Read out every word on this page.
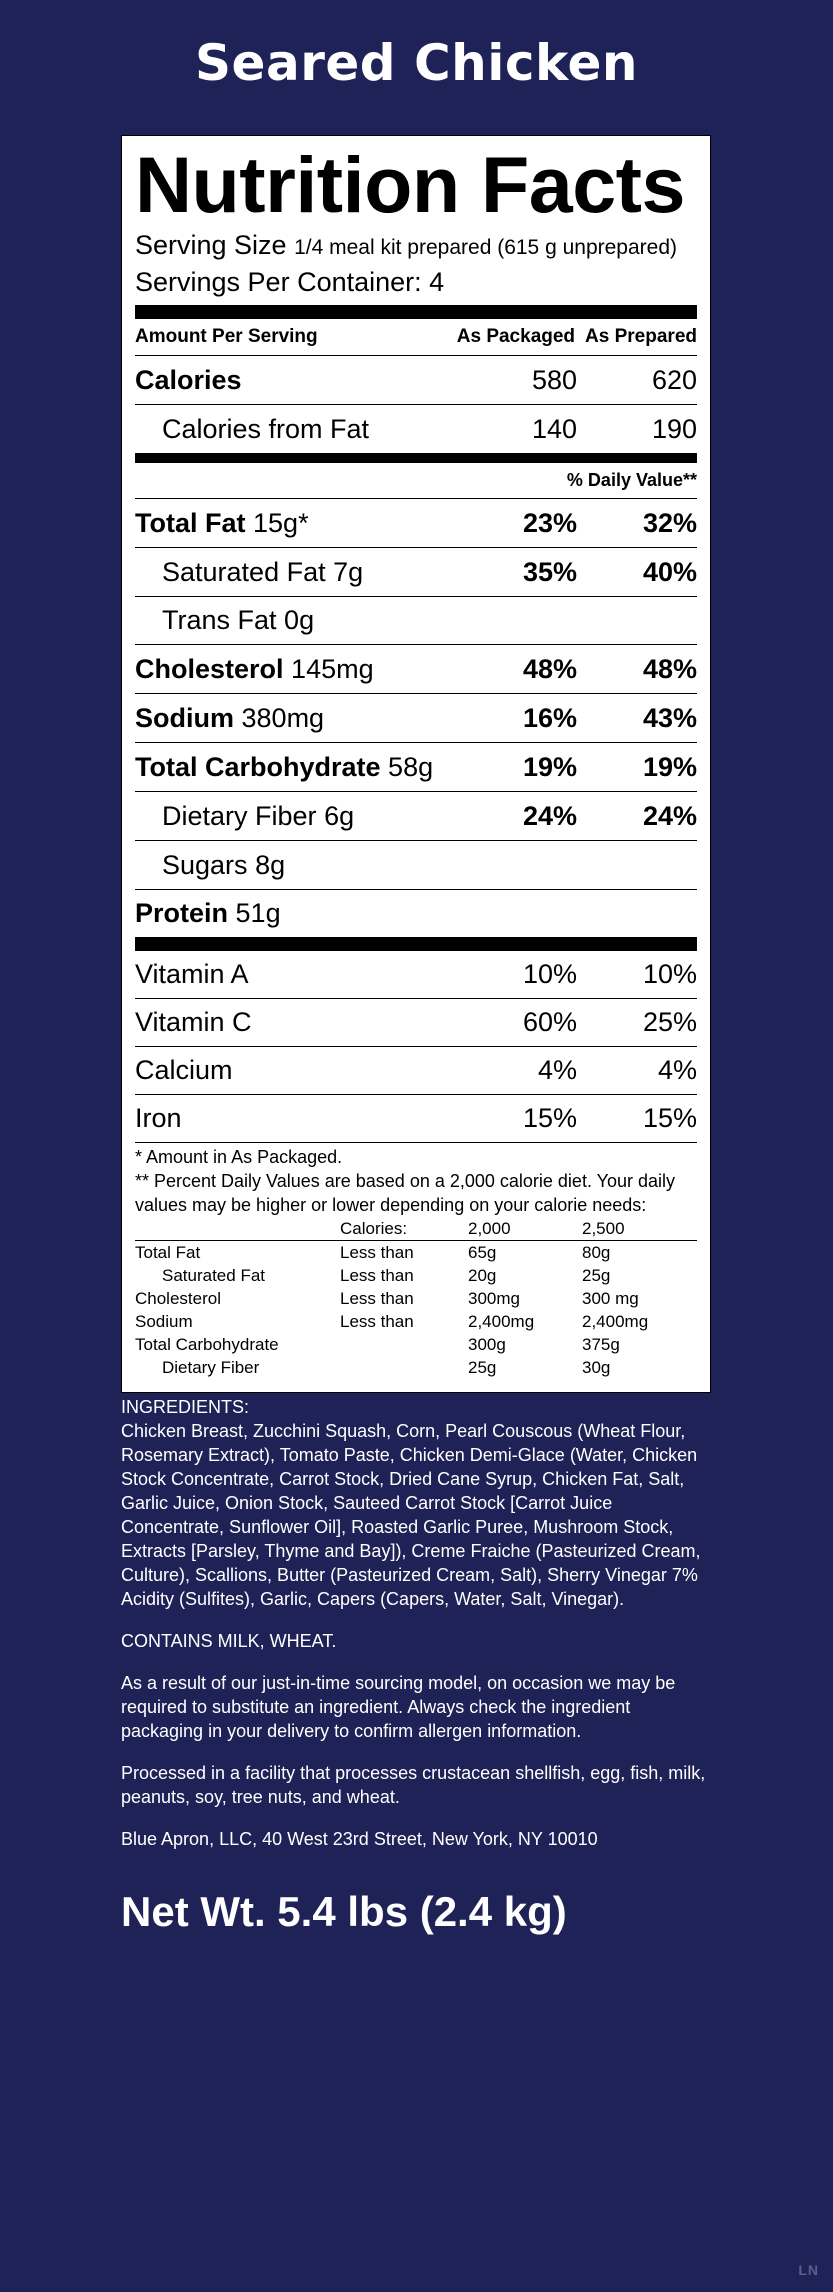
Seared Chicken
Nutrition Facts
Serving Size 1/4 meal kit prepared (615 g unprepared)
Servings Per Container: 4
Amount Per Serving	As Packaged As Prepared
Calories	580	620
Calories from Fat	140	190
% Daily Value**
Total Fat 15g*	23%	32%
Saturated Fat 7g	35%	40%
Trans Fat 0g
Cholesterol 145mg	48%	48%
Sodium 380mg	16%	43%
Total Carbohydrate 58g	19%	19%
Dietary Fiber 6g	24%	24%
Sugars 8g
Protein 51g
Vitamin A	10%	10%
Vitamin C	60%	25%
Calcium	4%	4%
Iron	15%	15%
* Amount in As Packaged.
** Percent Daily Values are based on a 2,000 calorie diet. Your daily values may be higher or lower depending on your calorie needs:
	Calories:	2,000	2,500
Total Fat	Less than	65g	80g
Saturated Fat	Less than	20g	25g
Cholesterol	Less than	300mg	300 mg
Sodium	Less than	2,400mg	2,400mg
Total Carbohydrate		300g	375g
Dietary Fiber		25g	30g

INGREDIENTS:
Chicken Breast, Zucchini Squash, Corn, Pearl Couscous (Wheat Flour, Rosemary Extract), Tomato Paste, Chicken Demi-Glace (Water, Chicken Stock Concentrate, Carrot Stock, Dried Cane Syrup, Chicken Fat, Salt, Garlic Juice, Onion Stock, Sauteed Carrot Stock [Carrot Juice Concentrate, Sunflower Oil], Roasted Garlic Puree, Mushroom Stock, Extracts [Parsley, Thyme and Bay]), Creme Fraiche (Pasteurized Cream, Culture), Scallions, Butter (Pasteurized Cream, Salt), Sherry Vinegar 7% Acidity (Sulfites), Garlic, Capers (Capers, Water, Salt, Vinegar).

CONTAINS MILK, WHEAT.

As a result of our just-in-time sourcing model, on occasion we may be required to substitute an ingredient. Always check the ingredient packaging in your delivery to confirm allergen information.

Processed in a facility that processes crustacean shellfish, egg, fish, milk, peanuts, soy, tree nuts, and wheat.

Blue Apron, LLC, 40 West 23rd Street, New York, NY 10010

Net Wt. 5.4 lbs (2.4 kg)
LN
